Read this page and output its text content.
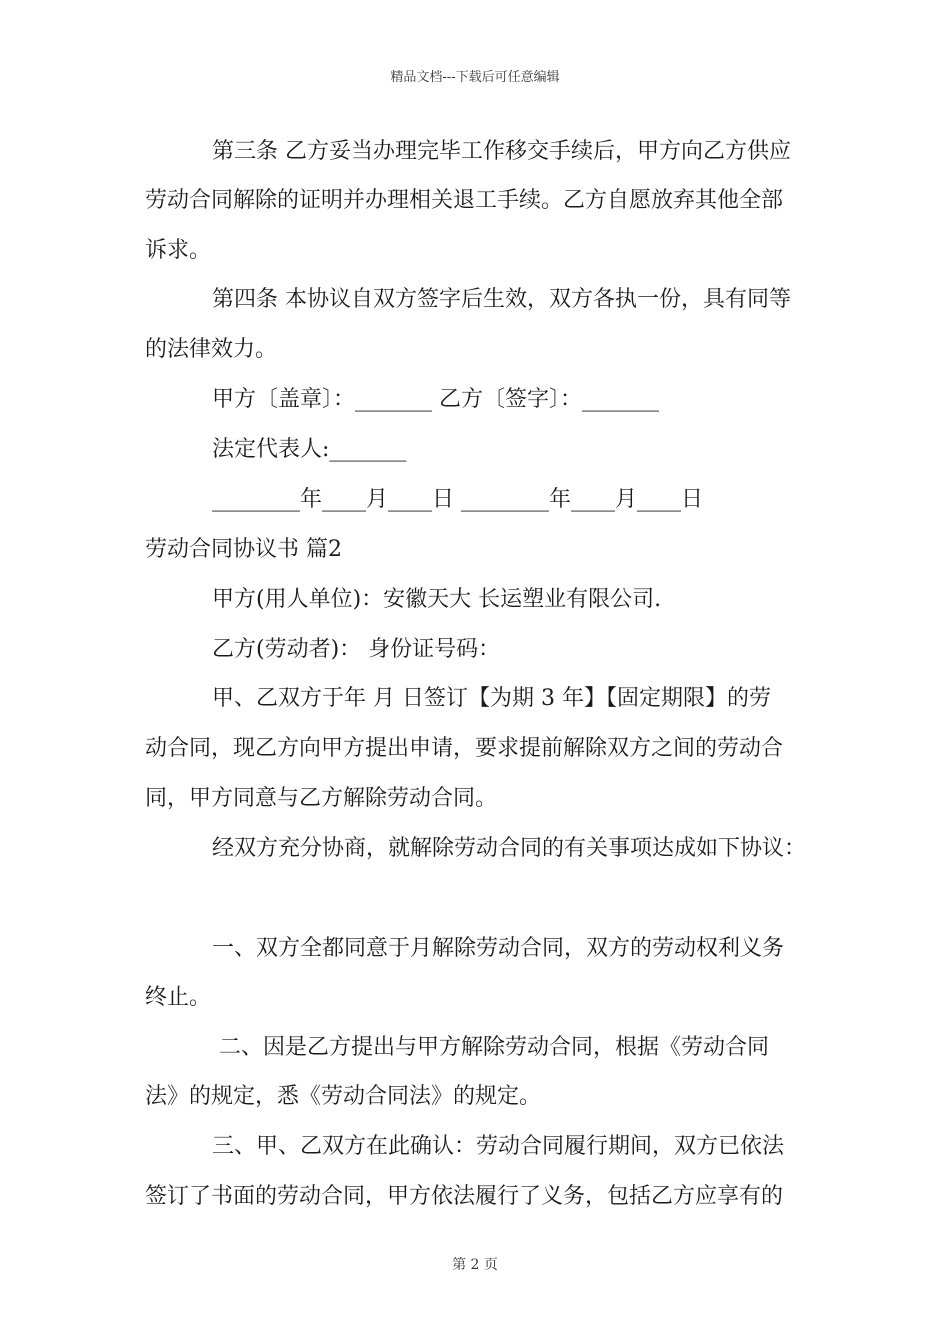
精品文档---下载后可任意编辑
第三条 乙方妥当办理完毕工作移交手续后，甲方向乙方供应
劳动合同解除的证明并办理相关退工手续。乙方自愿放弃其他全部
诉求。
第四条 本协议自双方签字后生效，双方各执一份，具有同等
的法律效力。
甲方〔盖章〕：_______ 乙方〔签字〕：_______
法定代表人:_______
________年____月____日 ________年____月____日
劳动合同协议书 篇2
甲方(用人单位)：安徽天大 长运塑业有限公司.
乙方(劳动者)： 身份证号码：
甲、乙双方于年 月 日签订【为期 3 年】【固定期限】的劳
动合同，现乙方向甲方提出申请，要求提前解除双方之间的劳动合
同，甲方同意与乙方解除劳动合同。
经双方充分协商，就解除劳动合同的有关事项达成如下协议：
一、双方全都同意于月解除劳动合同，双方的劳动权利义务
终止。
二、因是乙方提出与甲方解除劳动合同，根据《劳动合同
法》的规定，悉《劳动合同法》的规定。
三、甲、乙双方在此确认：劳动合同履行期间，双方已依法
签订了书面的劳动合同，甲方依法履行了义务，包括乙方应享有的
第 2 页
